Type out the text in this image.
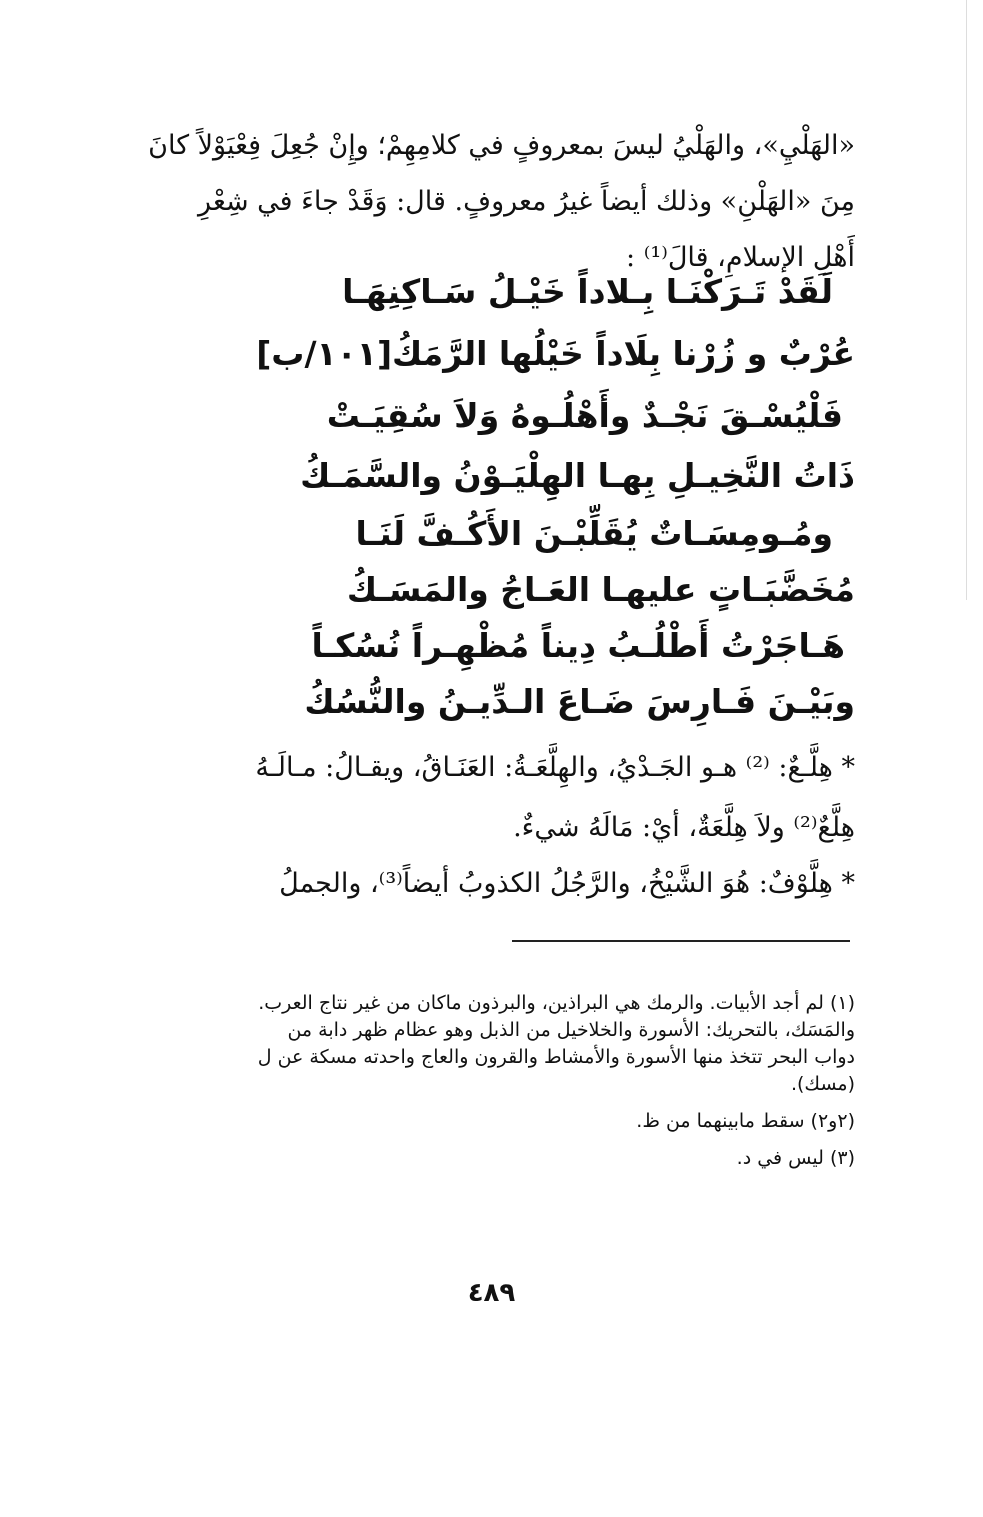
«الهَلْيِ»، والهَلْيُ ليسَ بمعروفٍ في كلامِهِمْ؛ وإِنْ جُعِلَ فِعْيَوْلاً كانَ
مِنَ «الهَلْنِ» وذلك أيضاً غيرُ معروفٍ. قال: وَقَدْ جاءَ في شِعْرِ
أَهْلِ الإسلامِ، قالَ⁽¹⁾ :
لَقَدْ تَـرَكْنَـا بِـلاداً خَيْـلُ سَـاكِنِهَـا
عُرْبٌ و زُرْنا بِلَاداً خَيْلُها الرَّمَكُ[١٠١/ب]
فَلْيُسْـقَ نَجْـدٌ وأَهْلُـوهُ وَلاَ سُقِيَـتْ
ذَاتُ النَّخِيـلِ بِهـا الهِلْيَـوْنُ والسَّمَـكُ
ومُـومِسَـاتٌ يُقَلِّبْـنَ الأَكُـفَّ لَنَـا
مُخَضَّبَـاتٍ عليهـا العَـاجُ والمَسَـكُ
هَـاجَرْتُ أَطْلُـبُ دِيناً مُظْهِـراً نُسُكـاً
وبَيْـنَ فَـارِسَ ضَـاعَ الـدِّيـنُ والنُّسُكُ
* هِلَّـعٌ: ⁽²⁾ هـو الجَـدْيُ، والهِلَّعَـةُ: العَنَـاقُ، ويقـالُ: مـالَـهُ
هِلَّعٌ⁽²⁾ ولاَ هِلَّعَةٌ، أيْ: مَالَهُ شيءٌ.
* هِلَّوْفٌ: هُوَ الشَّيْخُ، والرَّجُلُ الكذوبُ أيضاً⁽³⁾، والجملُ
(١) لم أجد الأبيات. والرمك هي البراذين، والبرذون ماكان من غير نتاج العرب.
والمَسَك، بالتحريك: الأسورة والخلاخيل من الذبل وهو عظام ظهر دابة من
دواب البحر تتخذ منها الأسورة والأمشاط والقرون والعاج واحدته مسكة عن ل
(مسك).
(٢و٢) سقط مابينهما من ظ.
(٣) ليس في د.
٤٨٩
